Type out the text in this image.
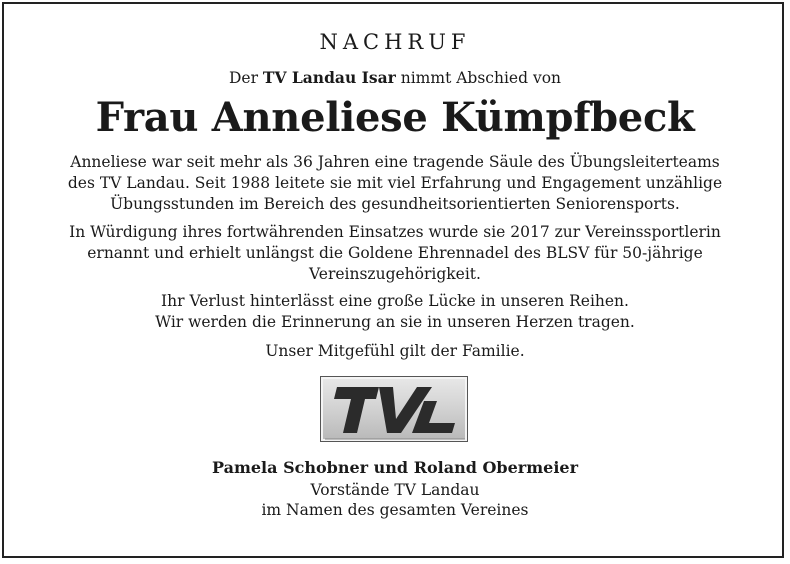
NACHRUF
Der TV Landau Isar nimmt Abschied von
Frau Anneliese Kümpfbeck
Anneliese war seit mehr als 36 Jahren eine tragende Säule des Übungsleiterteams
des TV Landau. Seit 1988 leitete sie mit viel Erfahrung und Engagement unzählige
Übungsstunden im Bereich des gesundheitsorientierten Seniorensports.
In Würdigung ihres fortwährenden Einsatzes wurde sie 2017 zur Vereinssportlerin
ernannt und erhielt unlängst die Goldene Ehrennadel des BLSV für 50-jährige
Vereinszugehörigkeit.
Ihr Verlust hinterlässt eine große Lücke in unseren Reihen.
Wir werden die Erinnerung an sie in unseren Herzen tragen.
Unser Mitgefühl gilt der Familie.
Pamela Schobner und Roland Obermeier
Vorstände TV Landau
im Namen des gesamten Vereines
